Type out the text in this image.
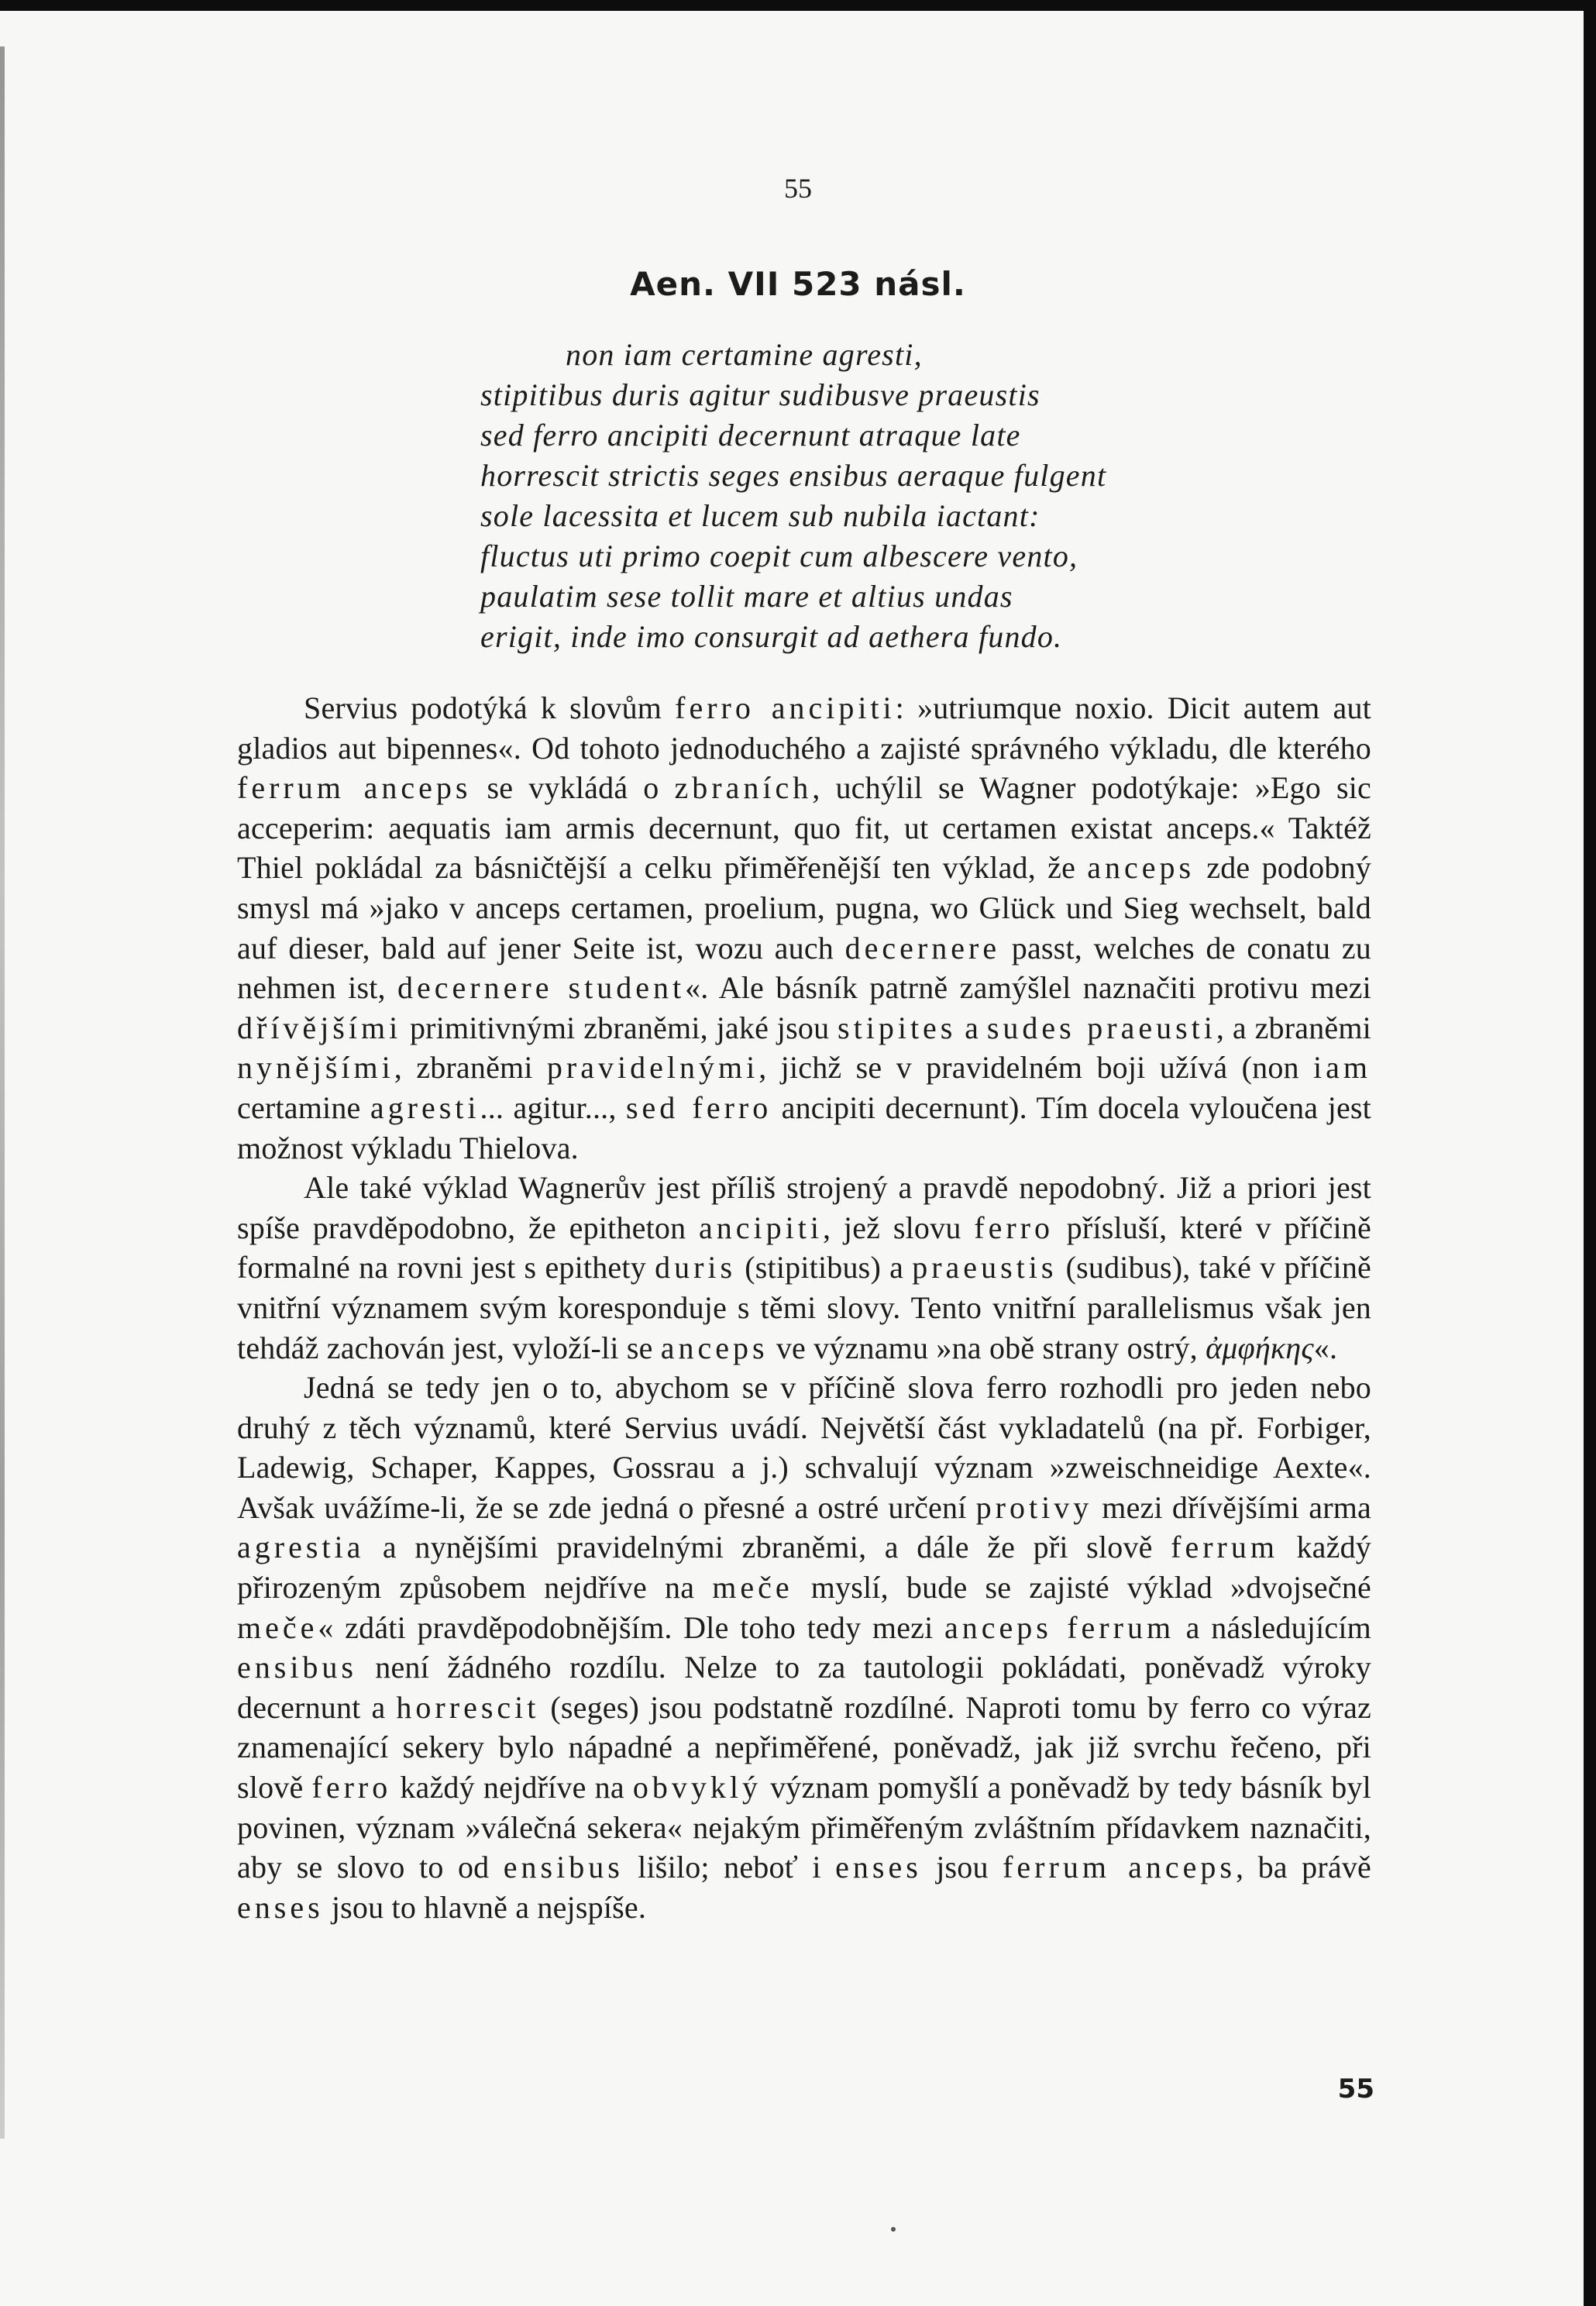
55
Aen. VII 523 násl.
non iam certamine agresti,
stipitibus duris agitur sudibusve praeustis
sed ferro ancipiti decernunt atraque late
horrescit strictis seges ensibus aeraque fulgent
sole lacessita et lucem sub nubila iactant:
fluctus uti primo coepit cum albescere vento,
paulatim sese tollit mare et altius undas
erigit, inde imo consurgit ad aethera fundo.

Servius podotýká k slovům ferro ancipiti: »utriumque noxio. Dicit autem aut gladios aut bipennes«. Od tohoto jednoduchého a zajisté správného výkladu, dle kterého ferrum anceps se vykládá o zbraních, uchýlil se Wagner podotýkaje: »Ego sic acceperim: aequatis iam armis decernunt, quo fit, ut certamen existat anceps.« Taktéž Thiel pokládal za básničtější a celku přiměřenější ten výklad, že anceps zde podobný smysl má »jako v anceps certamen, proelium, pugna, wo Glück und Sieg wechselt, bald auf dieser, bald auf jener Seite ist, wozu auch decernere passt, welches de conatu zu nehmen ist, decernere student«. Ale básník patrně zamýšlel naznačiti protivu mezi dřívějšími primitivnými zbraněmi, jaké jsou stipites a sudes praeusti, a zbraněmi nynějšími, zbraněmi pravidelnými, jichž se v pravidelném boji užívá (non iam certamine agresti... agitur..., sed ferro ancipiti decernunt). Tím docela vyloučena jest možnost výkladu Thielova.

Ale také výklad Wagnerův jest příliš strojený a pravdě nepodobný. Již a priori jest spíše pravděpodobno, že epitheton ancipiti, jež slovu ferro přísluší, které v příčině formalné na rovni jest s epithety duris (stipitibus) a praeustis (sudibus), také v příčině vnitřní významem svým koresponduje s těmi slovy. Tento vnitřní parallelismus však jen tehdáž zachován jest, vyloží-li se anceps ve významu »na obě strany ostrý, ἀμφήκης«.

Jedná se tedy jen o to, abychom se v příčině slova ferro rozhodli pro jeden nebo druhý z těch významů, které Servius uvádí. Největší část vykladatelů (na př. Forbiger, Ladewig, Schaper, Kappes, Gossrau a j.) schvalují význam »zweischneidige Aexte«. Avšak uvážíme-li, že se zde jedná o přesné a ostré určení protivy mezi dřívějšími arma agrestia a nynějšími pravidelnými zbraněmi, a dále že při slově ferrum každý přirozeným způsobem nejdříve na meče myslí, bude se zajisté výklad »dvojsečné meče« zdáti pravděpodobnějším. Dle toho tedy mezi anceps ferrum a následujícím ensibus není žádného rozdílu. Nelze to za tautologii pokládati, poněvadž výroky decernunt a horrescit (seges) jsou podstatně rozdílné. Naproti tomu by ferro co výraz znamenající sekery bylo nápadné a nepřiměřené, poněvadž, jak již svrchu řečeno, při slově ferro každý nejdříve na obvyklý význam pomyšlí a poněvadž by tedy básník byl povinen, význam »válečná sekera« nejakým přiměřeným zvláštním přídavkem naznačiti, aby se slovo to od ensibus lišilo; neboť i enses jsou ferrum anceps, ba právě enses jsou to hlavně a nejspíše.

55
